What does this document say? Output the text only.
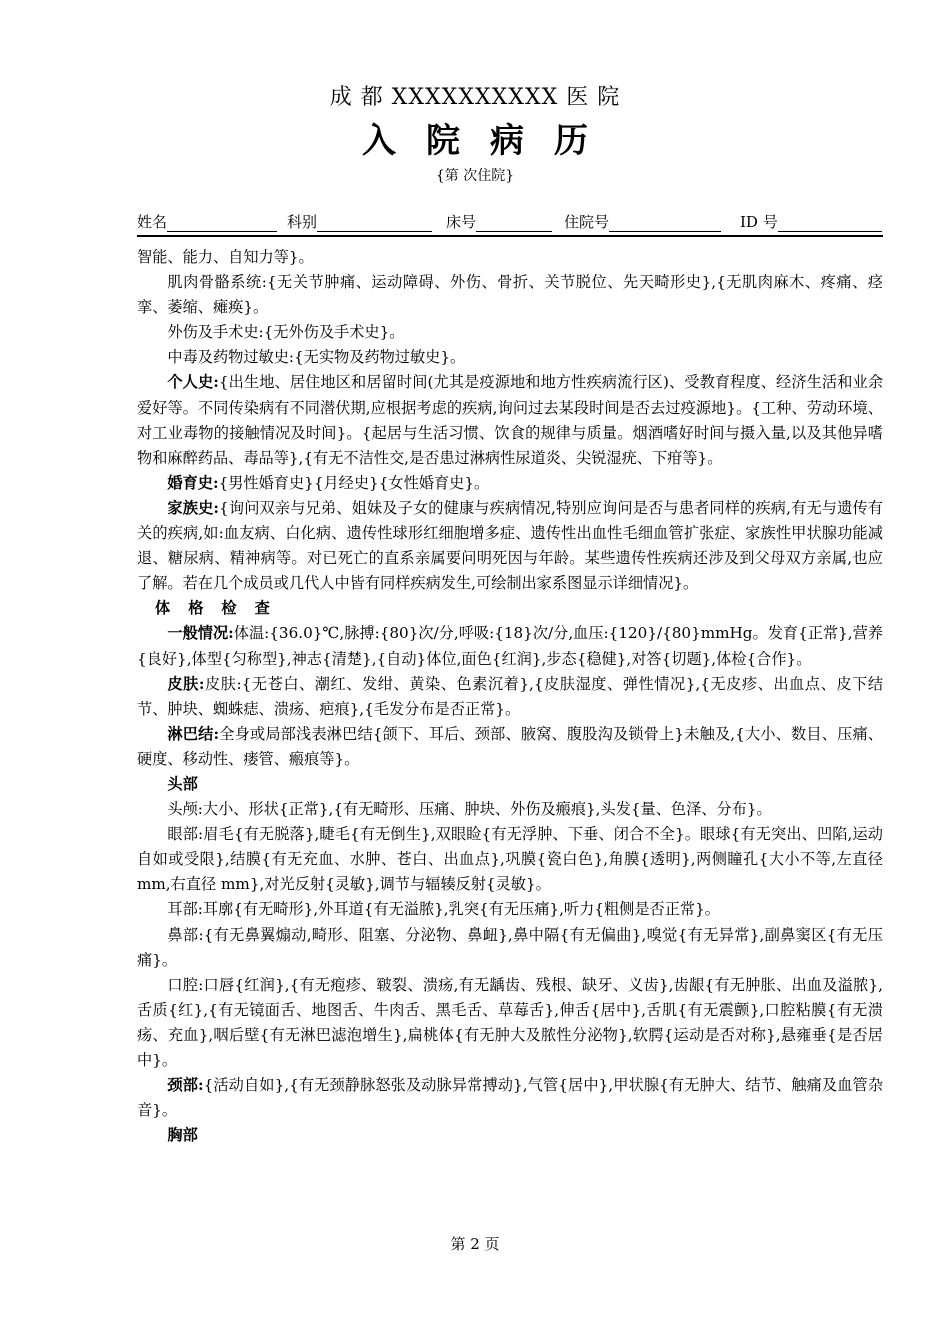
成 都 XXXXXXXXXX 医 院
入院病历
{第 次住院}
姓名	科别	床号	住院号	ID 号

智能、能力、自知力等}。

肌肉骨骼系统:{无关节肿痛、运动障碍、外伤、骨折、关节脱位、先天畸形史},{无肌肉麻木、疼痛、痉挛、萎缩、瘫痪}。

外伤及手术史:{无外伤及手术史}。

中毒及药物过敏史:{无实物及药物过敏史}。

个人史:{出生地、居住地区和居留时间(尤其是疫源地和地方性疾病流行区)、受教育程度、经济生活和业余爱好等。不同传染病有不同潜伏期,应根据考虑的疾病,询问过去某段时间是否去过疫源地}。{工种、劳动环境、对工业毒物的接触情况及时间}。{起居与生活习惯、饮食的规律与质量。烟酒嗜好时间与摄入量,以及其他异嗜物和麻醉药品、毒品等},{有无不洁性交,是否患过淋病性尿道炎、尖锐湿疣、下疳等}。

婚育史:{男性婚育史}{月经史}{女性婚育史}。

家族史:{询问双亲与兄弟、姐妹及子女的健康与疾病情况,特别应询问是否与患者同样的疾病,有无与遗传有关的疾病,如:血友病、白化病、遗传性球形红细胞增多症、遗传性出血性毛细血管扩张症、家族性甲状腺功能减退、糖尿病、精神病等。对已死亡的直系亲属要问明死因与年龄。某些遗传性疾病还涉及到父母双方亲属,也应了解。若在几个成员或几代人中皆有同样疾病发生,可绘制出家系图显示详细情况}。

体格检查

一般情况:体温:{36.0}℃,脉搏:{80}次/分,呼吸:{18}次/分,血压:{120}/{80}mmHg。发育{正常},营养{良好},体型{匀称型},神志{清楚},{自动}体位,面色{红润},步态{稳健},对答{切题},体检{合作}。

皮肤:皮肤:{无苍白、潮红、发绀、黄染、色素沉着},{皮肤湿度、弹性情况},{无皮疹、出血点、皮下结节、肿块、蜘蛛痣、溃疡、疤痕},{毛发分布是否正常}。

淋巴结:全身或局部浅表淋巴结{颌下、耳后、颈部、腋窝、腹股沟及锁骨上}未触及,{大小、数目、压痛、硬度、移动性、瘘管、瘢痕等}。

头部

头颅:大小、形状{正常},{有无畸形、压痛、肿块、外伤及瘢痕},头发{量、色泽、分布}。

眼部:眉毛{有无脱落},睫毛{有无倒生},双眼睑{有无浮肿、下垂、闭合不全}。眼球{有无突出、凹陷,运动自如或受限},结膜{有无充血、水肿、苍白、出血点},巩膜{瓷白色},角膜{透明},两侧瞳孔{大小不等,左直径 mm,右直径 mm},对光反射{灵敏},调节与辐辏反射{灵敏}。

耳部:耳廓{有无畸形},外耳道{有无溢脓},乳突{有无压痛},听力{粗侧是否正常}。

鼻部:{有无鼻翼煽动,畸形、阻塞、分泌物、鼻衄},鼻中隔{有无偏曲},嗅觉{有无异常},副鼻窦区{有无压痛}。

口腔:口唇{红润},{有无疱疹、皲裂、溃疡,有无龋齿、残根、缺牙、义齿},齿龈{有无肿胀、出血及溢脓},舌质{红},{有无镜面舌、地图舌、牛肉舌、黑毛舌、草莓舌},伸舌{居中},舌肌{有无震颤},口腔粘膜{有无溃疡、充血},咽后壁{有无淋巴滤泡增生},扁桃体{有无肿大及脓性分泌物},软腭{运动是否对称},悬雍垂{是否居中}。

颈部:{活动自如},{有无颈静脉怒张及动脉异常搏动},气管{居中},甲状腺{有无肿大、结节、触痛及血管杂音}。

胸部

第 2 页
